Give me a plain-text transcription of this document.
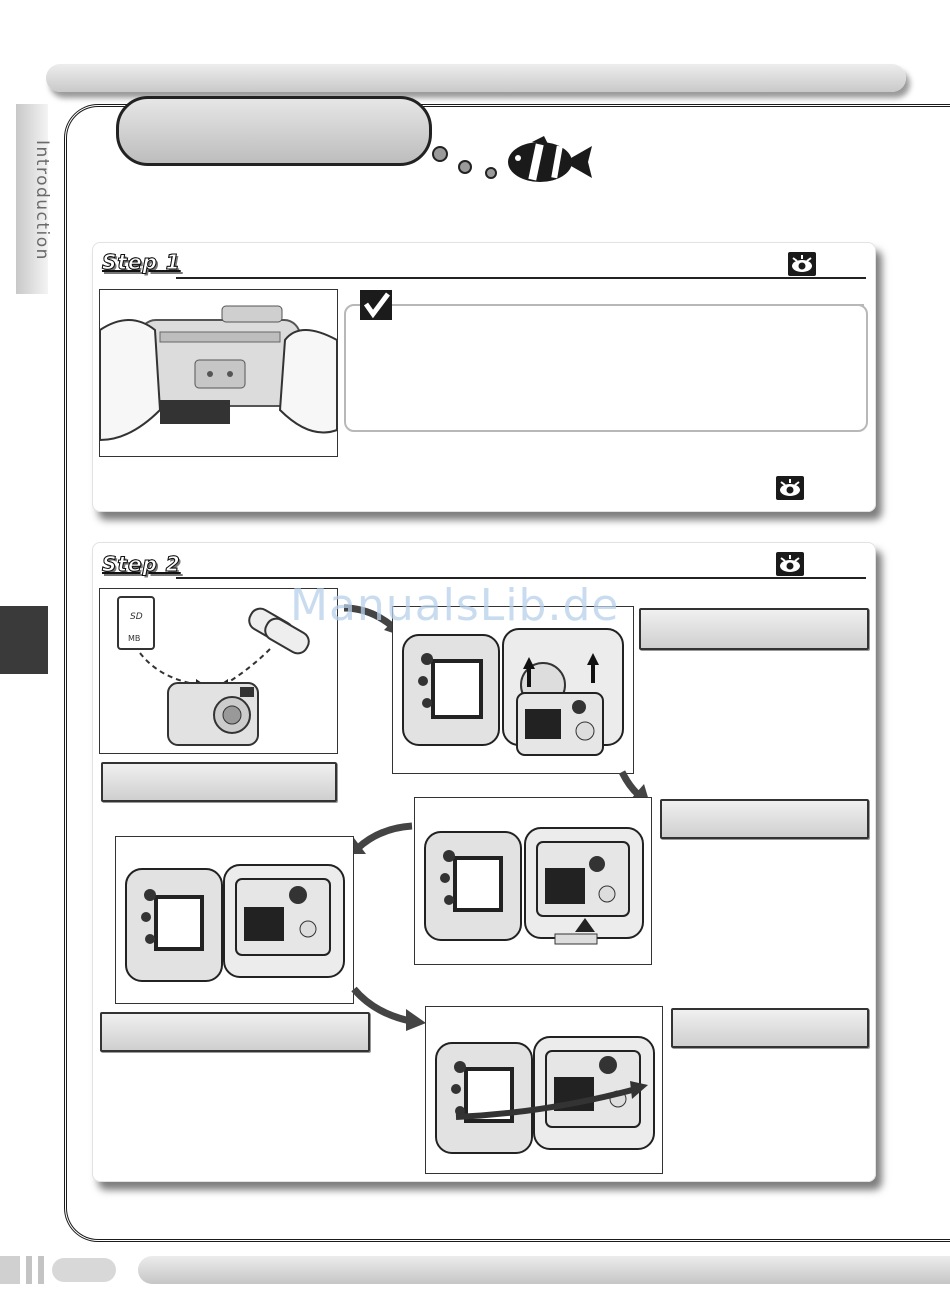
Introduction
Step 1
Step 2
SD
MB
ManualsLib.de
